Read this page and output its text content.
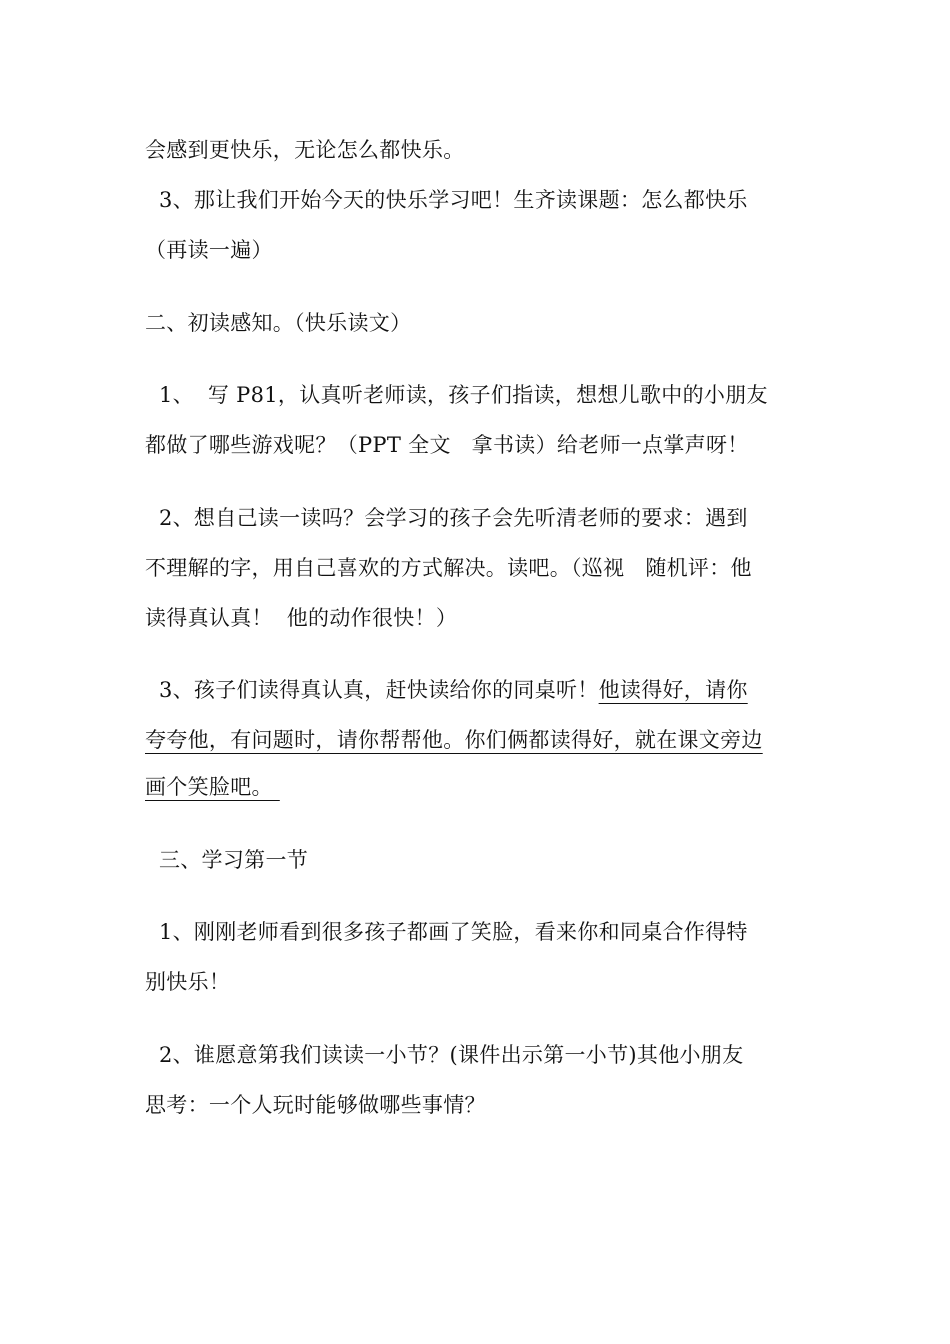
会感到更快乐，无论怎么都快乐。
3、那让我们开始今天的快乐学习吧！生齐读课题：怎么都快乐
（再读一遍）
二、初读感知。（快乐读文）
1、  写 P81，认真听老师读，孩子们指读，想想儿歌中的小朋友
都做了哪些游戏呢？（PPT 全文   拿书读）给老师一点掌声呀！
2、想自己读一读吗？会学习的孩子会先听清老师的要求：遇到
不理解的字，用自己喜欢的方式解决。读吧。（巡视   随机评：他
读得真认真！  他的动作很快！）
3、孩子们读得真认真，赶快读给你的同桌听！他读得好，请你
夸夸他，有问题时，请你帮帮他。你们俩都读得好，就在课文旁边
画个笑脸吧。
三、学习第一节
1、刚刚老师看到很多孩子都画了笑脸，看来你和同桌合作得特
别快乐！
2、谁愿意第我们读读一小节？(课件出示第一小节)其他小朋友
思考：一个人玩时能够做哪些事情？
